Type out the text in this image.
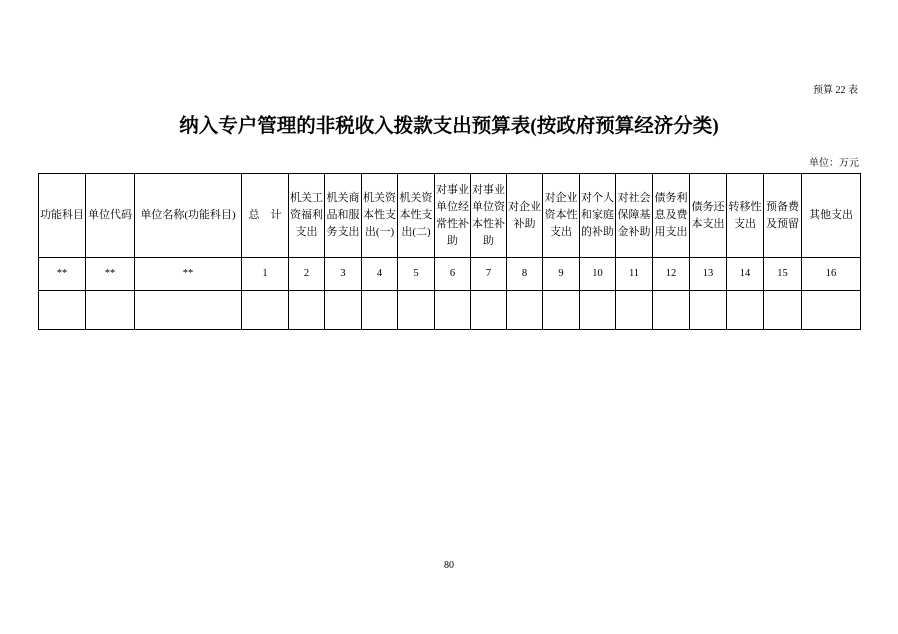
预算 22 表
纳入专户管理的非税收入拨款支出预算表(按政府预算经济分类)
单位：万元
功能科目	单位代码	单位名称(功能科目)	总　计	机关工资福利支出	机关商品和服务支出	机关资本性支出(一)	机关资本性支出(二)	对事业单位经常性补助	对事业单位资本性补助	对企业补助	对企业资本性支出	对个人和家庭的补助	对社会保障基金补助	债务利息及费用支出	债务还本支出	转移性支出	预备费及预留	其他支出
**	**	**	1	2	3	4	5	6	7	8	9	10	11	12	13	14	15	16

80
